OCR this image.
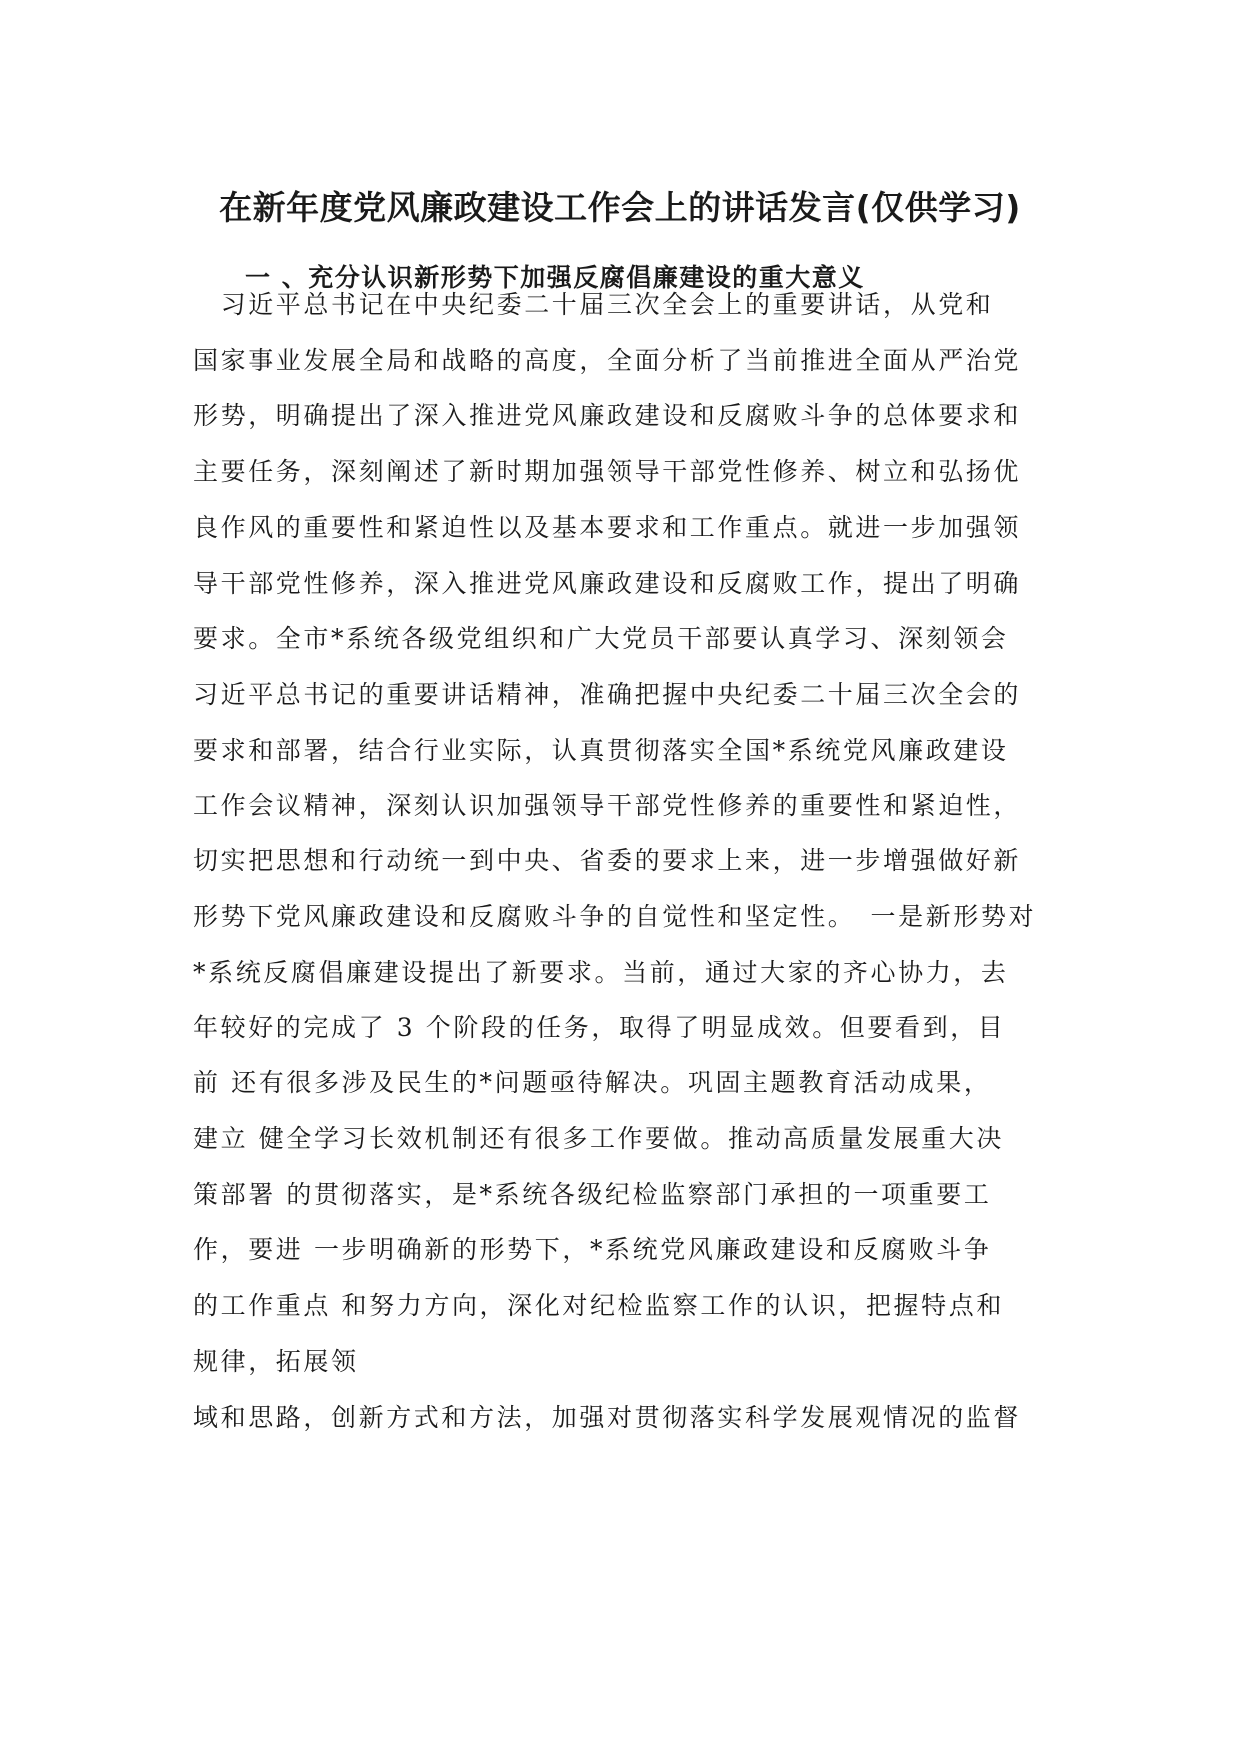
在新年度党风廉政建设工作会上的讲话发言(仅供学习)
一 、充分认识新形势下加强反腐倡廉建设的重大意义

　习近平总书记在中央纪委二十届三次全会上的重要讲话，从党和

国家事业发展全局和战略的高度，全面分析了当前推进全面从严治党

形势，明确提出了深入推进党风廉政建设和反腐败斗争的总体要求和

主要任务，深刻阐述了新时期加强领导干部党性修养、树立和弘扬优

良作风的重要性和紧迫性以及基本要求和工作重点。就进一步加强领

导干部党性修养，深入推进党风廉政建设和反腐败工作，提出了明确

要求。全市*系统各级党组织和广大党员干部要认真学习、深刻领会

习近平总书记的重要讲话精神，准确把握中央纪委二十届三次全会的

要求和部署，结合行业实际，认真贯彻落实全国*系统党风廉政建设

工作会议精神，深刻认识加强领导干部党性修养的重要性和紧迫性，

切实把思想和行动统一到中央、省委的要求上来，进一步增强做好新

形势下党风廉政建设和反腐败斗争的自觉性和坚定性。　一是新形势对

*系统反腐倡廉建设提出了新要求。当前，通过大家的齐心协力，去

年较好的完成了 3 个阶段的任务，取得了明显成效。但要看到，目

前 还有很多涉及民生的*问题亟待解决。巩固主题教育活动成果，

建立 健全学习长效机制还有很多工作要做。推动高质量发展重大决

策部署 的贯彻落实，是*系统各级纪检监察部门承担的一项重要工

作，要进 一步明确新的形势下，*系统党风廉政建设和反腐败斗争

的工作重点 和努力方向，深化对纪检监察工作的认识，把握特点和

规律，拓展领

域和思路，创新方式和方法，加强对贯彻落实科学发展观情况的监督
